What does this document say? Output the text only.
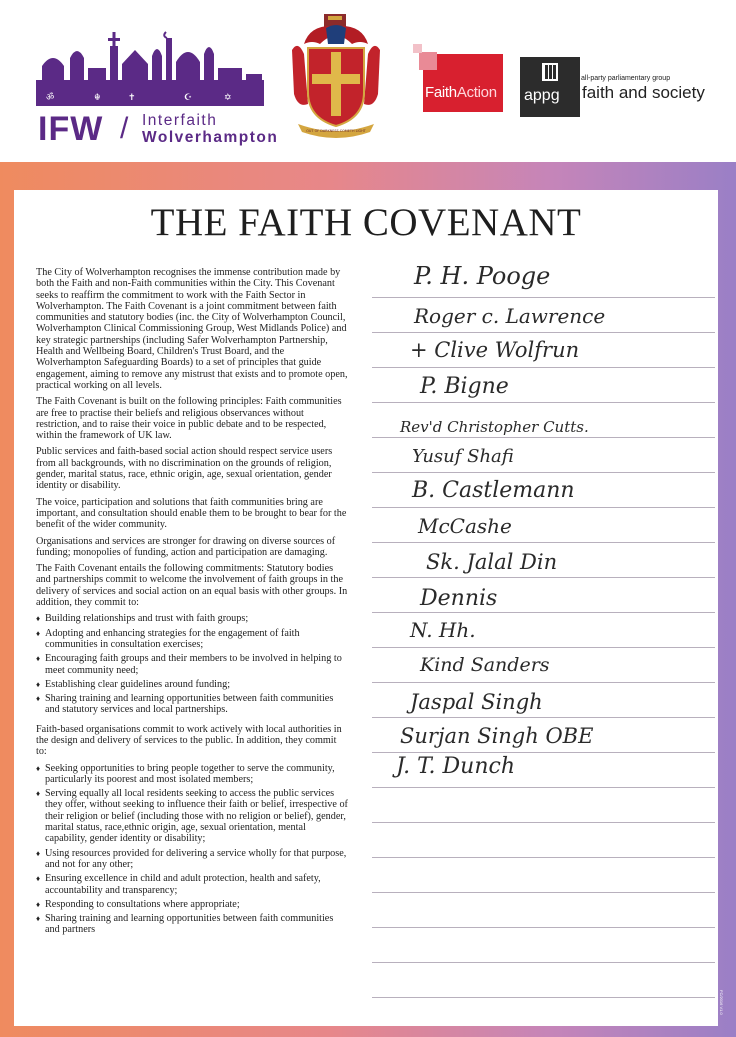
ॐ	☬	✝	☪	✡
IFW / Interfaith
Wolverhampton	OUT OF DARKNESS COMETH LIGHT
FaithAction appg
all-party parliamentary group
faith and society
THE FAITH COVENANT

The City of Wolverhampton recognises the immense contribution made by both the Faith and non-Faith communities within the City. This Covenant seeks to reaffirm the commitment to work with the Faith Sector in Wolverhampton. The Faith Covenant is a joint commitment between faith communities and statutory bodies (inc. the City of Wolverhampton Council, Wolverhampton Clinical Commissioning Group, West Midlands Police) and key strategic partnerships (including Safer Wolverhampton Partnership, Health and Wellbeing Board, Children's Trust Board, and the Wolverhampton Safeguarding Boards) to a set of principles that guide engagement, aiming to remove any mistrust that exists and to promote open, practical working on all levels.

The Faith Covenant is built on the following principles: Faith communities are free to practise their beliefs and religious observances without restriction, and to raise their voice in public debate and to be respected, within the framework of UK law.

Public services and faith-based social action should respect service users from all backgrounds, with no discrimination on the grounds of religion, gender, marital status, race, ethnic origin, age, sexual orientation, gender identity or disability.

The voice, participation and solutions that faith communities bring are important, and consultation should enable them to be brought to bear for the benefit of the wider community.

Organisations and services are stronger for drawing on diverse sources of funding; monopolies of funding, action and participation are damaging.

The Faith Covenant entails the following commitments: Statutory bodies and partnerships commit to welcome the involvement of faith groups in the delivery of services and social action on an equal basis with other groups. In addition, they commit to:

♦ Building relationships and trust with faith groups;
♦ Adopting and enhancing strategies for the engagement of faith communities in consultation exercises;
♦ Encouraging faith groups and their members to be involved in helping to meet community need;
♦ Establishing clear guidelines around funding;
♦ Sharing training and learning opportunities between faith communities and statutory services and local partnerships.

Faith-based organisations commit to work actively with local authorities in the design and delivery of services to the public. In addition, they commit to:

♦ Seeking opportunities to bring people together to serve the community, particularly its poorest and most isolated members;
♦ Serving equally all local residents seeking to access the public services they offer, without seeking to influence their faith or belief, irrespective of their religion or belief (including those with no religion or belief), gender, marital status, race,ethnic origin, age, sexual orientation, mental capability, gender identity or disability;
♦ Using resources provided for delivering a service wholly for that purpose, and not for any other;
♦ Ensuring excellence in child and adult protection, health and safety, accountability and transparency;
♦ Responding to consultations where appropriate;
♦ Sharing training and learning opportunities between faith communities and partners
P. H. Pooge
Roger c. Lawrence
+ Clive Wolfrun
P. Bigne
Rev'd Christopher Cutts.
Yusuf Shafi
B. Castlemann
McCashe
Sk. Jalal Din
Dennis
N. Hh.
Kind Sanders
Jaspal Singh
Surjan Singh OBE
J. T. Dunch
FC/2016 V1.0
